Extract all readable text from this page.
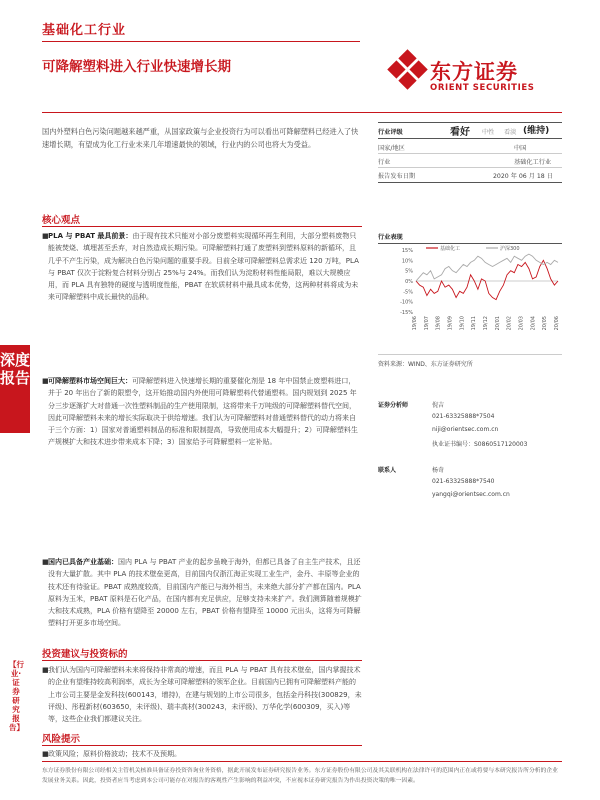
基础化工行业
可降解塑料进入行业快速增长期	东方证券
ORIENT SECURITIES
国内外塑料白色污染问题越来越严重，从国家政策与企业投资行为可以看出可降解塑料已经进入了快速增长期，有望成为化工行业未来几年增速最快的领域，行业内的公司也将大为受益。
核心观点
■ PLA 与 PBAT 最具前景：由于现有技术只能对小部分废塑料实现循环再生利用，大部分塑料废物只能被焚烧、填埋甚至丢弃，对自然造成长期污染。可降解塑料打通了废塑料到塑料原料的新循环，且几乎不产生污染，成为解决白色污染问题的重要手段。目前全球可降解塑料总需求近 120 万吨，PLA 与 PBAT 仅次于淀粉复合材料分别占 25%与 24%。而我们认为淀粉材料性能局限，难以大规模应用，而 PLA 具有独特的硬度与透明度性能，PBAT 在软质材料中最具成本优势，这两种材料将成为未来可降解塑料中成长最快的品种。
■ 可降解塑料市场空间巨大：可降解塑料进入快速增长期的重要催化剂是 18 年中国禁止废塑料进口，并于 20 年出台了新的限塑令，这开始推动国内外使用可降解塑料代替通塑料。国内规划到 2025 年分三步逐渐扩大对普通一次性塑料制品的生产使用限制，这将带来千万吨级的可降解塑料替代空间，因此可降解塑料未来的增长实际取决于供给增速。我们认为可降解塑料对普通塑料替代的动力将来自于三个方面：1）国家对普通塑料制品的标准和限制提高，导致使用成本大幅提升；2）可降解塑料生产规模扩大和技术进步带来成本下降；3）国家给予可降解塑料一定补贴。
■ 国内已具备产业基础：国内 PLA 与 PBAT 产业的起步虽晚于海外，但都已具备了自主生产技术，且还没有大量扩散。其中 PLA 的技术壁垒更高，目前国内仅浙江海正实现工业生产，金丹、丰原等企业的技术还有待验证。PBAT 成熟度较高，目前国内产能已与海外相当，未来绝大部分扩产都在国内。PLA 原料为玉米，PBAT 原料是石化产品，在国内都有充足供应，足够支持未来扩产。我们测算随着规模扩大和技术成熟，PLA 价格有望降至 20000 左右，PBAT 价格有望降至 10000 元出头，这将为可降解塑料打开更多市场空间。
深度报告
【行业·证券研究报告】
投资建议与投资标的
■ 我们认为国内可降解塑料未来将保持非常高的增速，而且 PLA 与 PBAT 具有技术壁垒，国内掌握技术的企业有望维持较高利润率，成长为全球可降解塑料的领军企业。目前国内已拥有可降解塑料产能的上市公司主要是金发科技(600143，增持)，在建与规划的上市公司很多，包括金丹科技(300829，未评级)、彤程新材(603650，未评级)、瑞丰高材(300243，未评级)、万华化学(600309，买入)等等，这些企业我们都建议关注。
风险提示
■ 政策风险；原料价格波动；技术不及预期。
行业评级	看好 中性 看淡 (维持)
国家/地区	中国
行业	基础化工行业
报告发布日期	2020 年 06 月 18 日
行业表现
15%
10%
5%
0%
-5%
-10%
-15%
基础化工	沪深300
19/06 19/07 19/08 19/09 19/10 19/11 19/12 20/01 20/02 20/03 20/04 20/05 20/06
资料来源：WIND、东方证券研究所
证券分析师	倪吉
021-63325888*7504
niji@orientsec.com.cn
执业证书编号：S0860517120003
联系人	杨奇
021-63325888*7540
yangqi@orientsec.com.cn
东方证券股份有限公司经相关主管机关核准具备证券投资咨询业务资格，据此开展发布证券研究报告业务。东方证券股份有限公司及其关联机构在法律许可的范围内正在或将要与本研究报告所分析的企业发展业务关系。因此，投资者应当考虑到本公司可能存在对报告的客观性产生影响的利益冲突，不应视本证券研究报告为作出投资决策的唯一因素。
